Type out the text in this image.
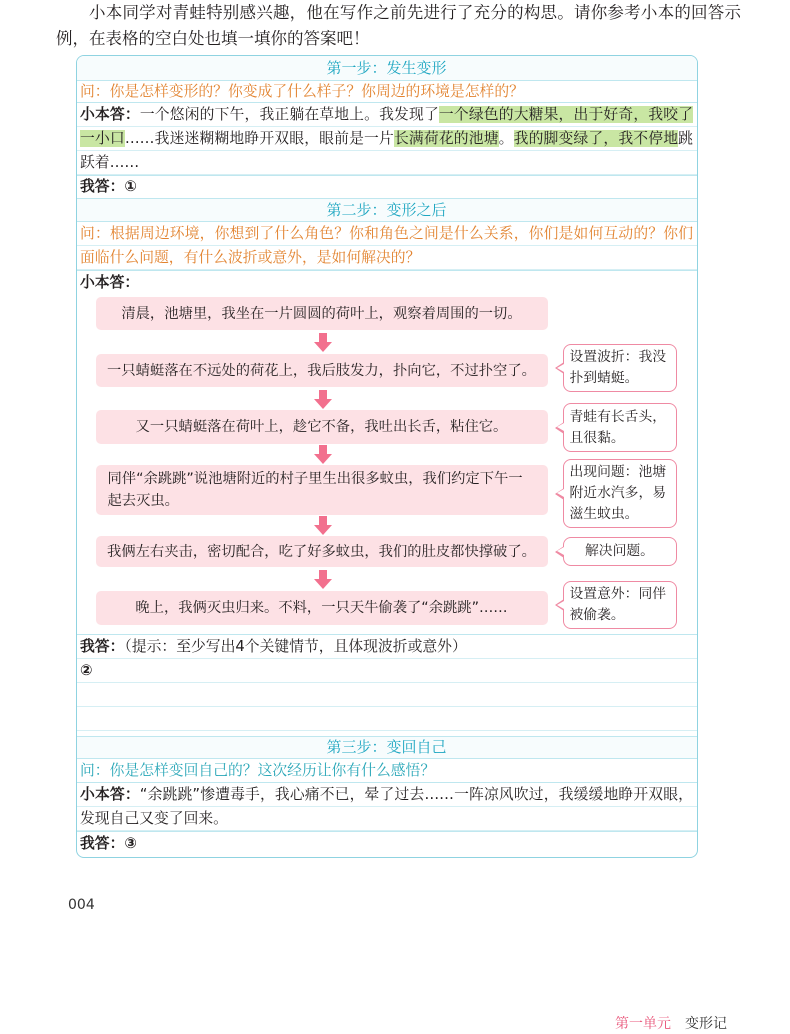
小本同学对青蛙特别感兴趣，他在写作之前先进行了充分的构思。请你参考小本的回答示例，在表格的空白处也填一填你的答案吧！

第一步：发生变形
问：你是怎样变形的？你变成了什么样子？你周边的环境是怎样的？
小本答：一个悠闲的下午，我正躺在草地上。我发现了一个绿色的大糖果，出于好奇，我咬了一小口……我迷迷糊糊地睁开双眼，眼前是一片长满荷花的池塘。我的脚变绿了，我不停地跳跃着……
我答：①
第二步：变形之后
问：根据周边环境，你想到了什么角色？你和角色之间是什么关系，你们是如何互动的？你们面临什么问题，有什么波折或意外，是如何解决的？
小本答：
清晨，池塘里，我坐在一片圆圆的荷叶上，观察着周围的一切。
一只蜻蜓落在不远处的荷花上，我后肢发力，扑向它，不过扑空了。
设置波折：我没扑到蜻蜓。
又一只蜻蜓落在荷叶上，趁它不备，我吐出长舌，粘住它。
青蛙有长舌头，且很黏。
同伴“余跳跳”说池塘附近的村子里生出很多蚊虫，我们约定下午一起去灭虫。
出现问题：池塘附近水汽多，易滋生蚊虫。
我俩左右夹击，密切配合，吃了好多蚊虫，我们的肚皮都快撑破了。	解决问题。
晚上，我俩灭虫归来。不料，一只天牛偷袭了“余跳跳”……
设置意外：同伴被偷袭。
我答：（提示：至少写出4个关键情节，且体现波折或意外）
②
第三步：变回自己
问：你是怎样变回自己的？这次经历让你有什么感悟？
小本答：“余跳跳”惨遭毒手，我心痛不已，晕了过去……一阵凉风吹过，我缓缓地睁开双眼，发现自己又变了回来。
我答：③
004
第一单元 变形记
